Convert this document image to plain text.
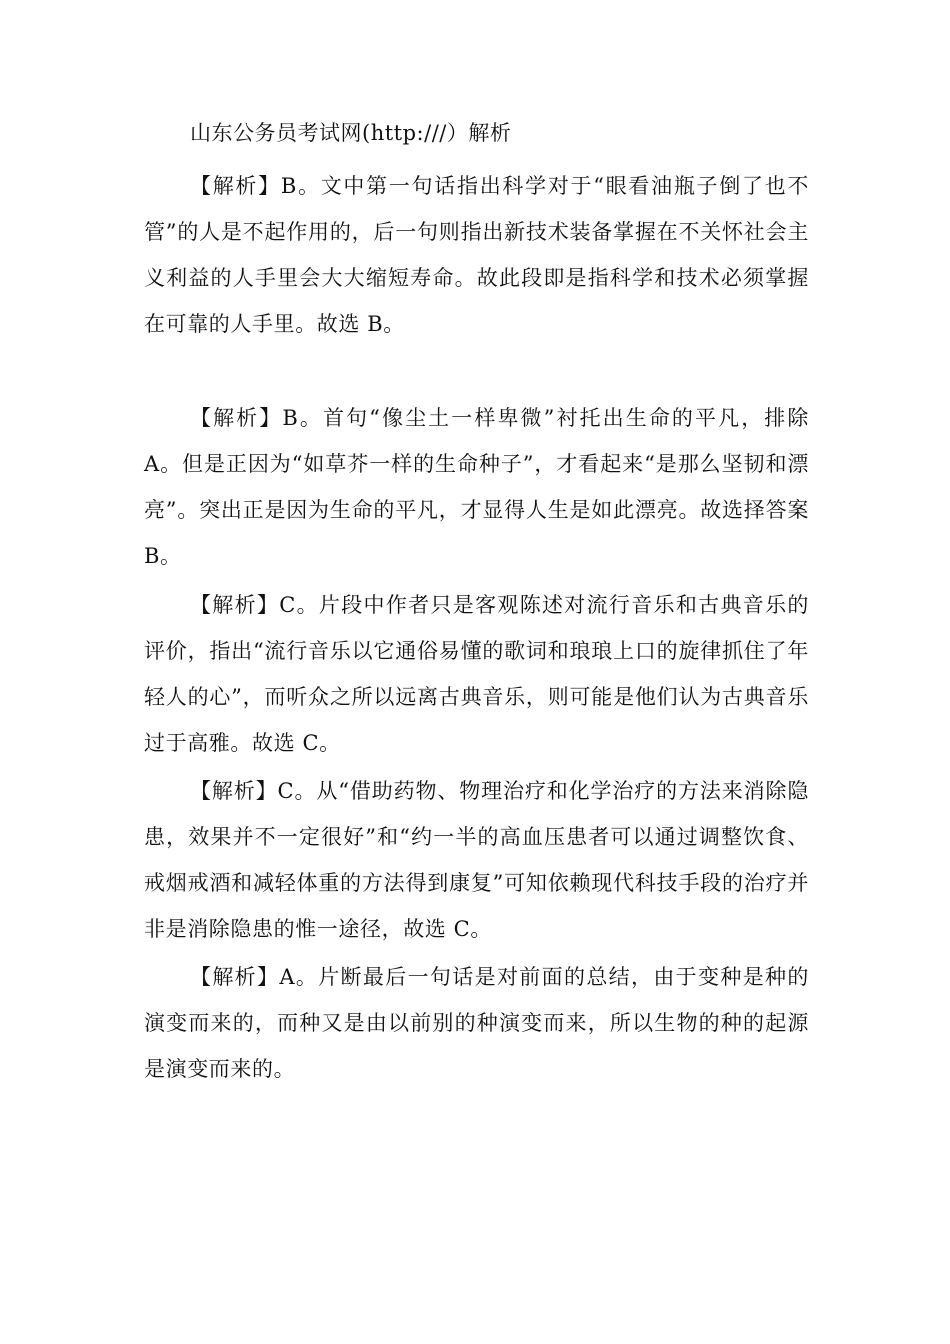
山东公务员考试网(http:///）解析
【解析】B。文中第一句话指出科学对于“眼看油瓶子倒了也不管”的人是不起作用的，后一句则指出新技术装备掌握在不关怀社会主义利益的人手里会大大缩短寿命。故此段即是指科学和技术必须掌握在可靠的人手里。故选 B。
【解析】B。首句“像尘土一样卑微”衬托出生命的平凡，排除 A。但是正因为“如草芥一样的生命种子”，才看起来“是那么坚韧和漂亮”。突出正是因为生命的平凡，才显得人生是如此漂亮。故选择答案 B。
【解析】C。片段中作者只是客观陈述对流行音乐和古典音乐的评价，指出“流行音乐以它通俗易懂的歌词和琅琅上口的旋律抓住了年轻人的心”，而听众之所以远离古典音乐，则可能是他们认为古典音乐过于高雅。故选 C。
【解析】C。从“借助药物、物理治疗和化学治疗的方法来消除隐患，效果并不一定很好”和“约一半的高血压患者可以通过调整饮食、戒烟戒酒和减轻体重的方法得到康复”可知依赖现代科技手段的治疗并非是消除隐患的惟一途径，故选 C。
【解析】A。片断最后一句话是对前面的总结，由于变种是种的演变而来的，而种又是由以前别的种演变而来，所以生物的种的起源是演变而来的。
